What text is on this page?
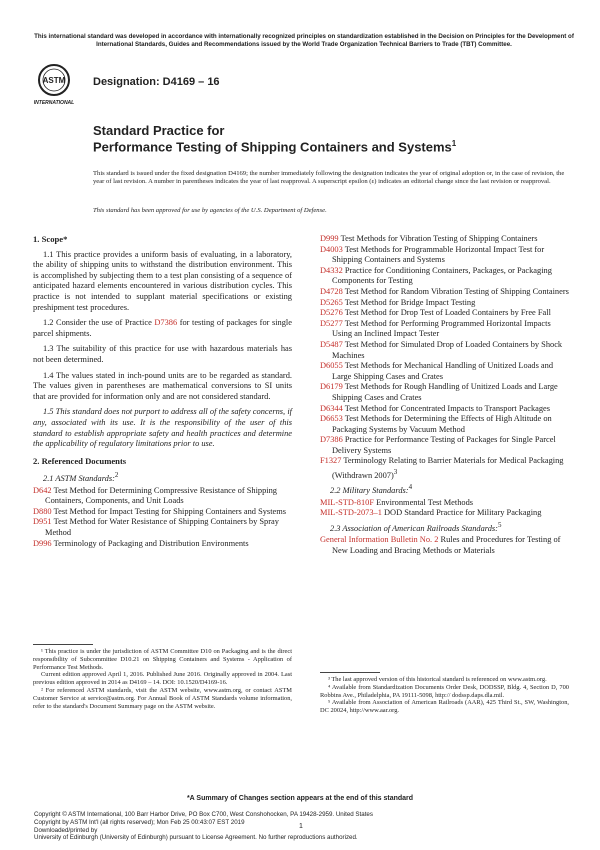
This international standard was developed in accordance with internationally recognized principles on standardization established in the Decision on Principles for the Development of International Standards, Guides and Recommendations issued by the World Trade Organization Technical Barriers to Trade (TBT) Committee.
ASTM
INTERNATIONAL
Designation: D4169 – 16
Standard Practice for
Performance Testing of Shipping Containers and Systems$^1$
This standard is issued under the fixed designation D4169; the number immediately following the designation indicates the year of original adoption or, in the case of revision, the year of last revision. A number in parentheses indicates the year of last reapproval. A superscript epsilon (ε) indicates an editorial change since the last revision or reapproval.
This standard has been approved for use by agencies of the U.S. Department of Defense.
1. Scope*
1.1 This practice provides a uniform basis of evaluating, in a laboratory, the ability of shipping units to withstand the distribution environment. This is accomplished by subjecting them to a test plan consisting of a sequence of anticipated hazard elements encountered in various distribution cycles. This practice is not intended to supplant material specifications or existing preshipment test procedures.
1.2 Consider the use of Practice D7386 for testing of packages for single parcel shipments.
1.3 The suitability of this practice for use with hazardous materials has not been determined.
1.4 The values stated in inch-pound units are to be regarded as standard. The values given in parentheses are mathematical conversions to SI units that are provided for information only and are not considered standard.
1.5 This standard does not purport to address all of the safety concerns, if any, associated with its use. It is the responsibility of the user of this standard to establish appropriate safety and health practices and determine the applicability of regulatory limitations prior to use.
2. Referenced Documents
2.1 ASTM Standards:$^2$
D642 Test Method for Determining Compressive Resistance of Shipping Containers, Components, and Unit Loads
D880 Test Method for Impact Testing for Shipping Containers and Systems
D951 Test Method for Water Resistance of Shipping Containers by Spray Method
D996 Terminology of Packaging and Distribution Environments
¹ This practice is under the jurisdiction of ASTM Committee D10 on Packaging and is the direct responsibility of Subcommittee D10.21 on Shipping Containers and Systems - Application of Performance Test Methods.
Current edition approved April 1, 2016. Published June 2016. Originally approved in 2004. Last previous edition approved in 2014 as D4169 – 14. DOI: 10.1520/D4169-16.
² For referenced ASTM standards, visit the ASTM website, www.astm.org, or contact ASTM Customer Service at service@astm.org. For Annual Book of ASTM Standards volume information, refer to the standard's Document Summary page on the ASTM website.
D999 Test Methods for Vibration Testing of Shipping Containers
D4003 Test Methods for Programmable Horizontal Impact Test for Shipping Containers and Systems
D4332 Practice for Conditioning Containers, Packages, or Packaging Components for Testing
D4728 Test Method for Random Vibration Testing of Shipping Containers
D5265 Test Method for Bridge Impact Testing
D5276 Test Method for Drop Test of Loaded Containers by Free Fall
D5277 Test Method for Performing Programmed Horizontal Impacts Using an Inclined Impact Tester
D5487 Test Method for Simulated Drop of Loaded Containers by Shock Machines
D6055 Test Methods for Mechanical Handling of Unitized Loads and Large Shipping Cases and Crates
D6179 Test Methods for Rough Handling of Unitized Loads and Large Shipping Cases and Crates
D6344 Test Method for Concentrated Impacts to Transport Packages
D6653 Test Methods for Determining the Effects of High Altitude on Packaging Systems by Vacuum Method
D7386 Practice for Performance Testing of Packages for Single Parcel Delivery Systems
F1327 Terminology Relating to Barrier Materials for Medical Packaging (Withdrawn 2007)$^3$
2.2 Military Standards:$^4$
MIL-STD-810F Environmental Test Methods
MIL-STD-2073–1 DOD Standard Practice for Military Packaging
2.3 Association of American Railroads Standards:$^5$
General Information Bulletin No. 2 Rules and Procedures for Testing of New Loading and Bracing Methods or Materials
³ The last approved version of this historical standard is referenced on www.astm.org.
⁴ Available from Standardization Documents Order Desk, DODSSP, Bldg. 4, Section D, 700 Robbins Ave., Philadelphia, PA 19111-5098, http:// dodssp.daps.dla.mil.
⁵ Available from Association of American Railroads (AAR), 425 Third St., SW, Washington, DC 20024, http://www.aar.org.
*A Summary of Changes section appears at the end of this standard
Copyright © ASTM International, 100 Barr Harbor Drive, PO Box C700, West Conshohocken, PA 19428-2959. United States
Copyright by ASTM Int'l (all rights reserved); Mon Feb 25 00:43:07 EST 2019
Downloaded/printed by
University of Edinburgh (University of Edinburgh) pursuant to License Agreement. No further reproductions authorized.
1
